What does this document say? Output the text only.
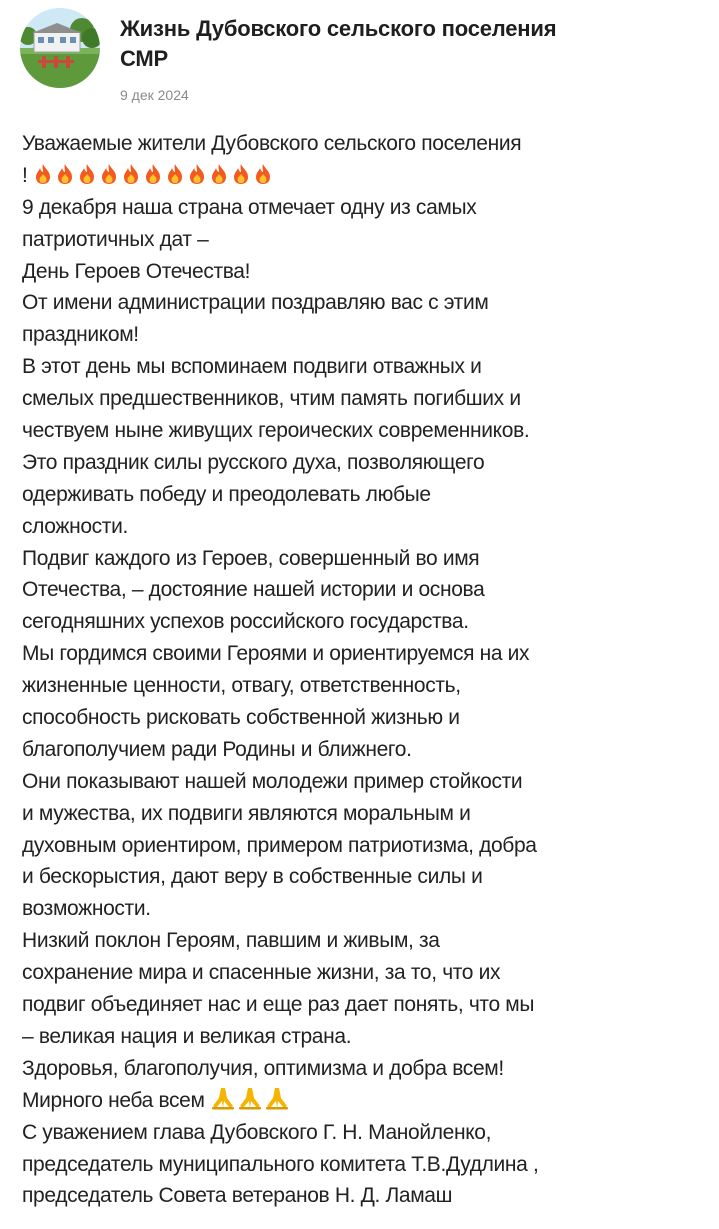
Жизнь Дубовского сельского поселения
СМР
9 дек 2024
Уважаемые жители Дубовского сельского поселения
!
9 декабря наша страна отмечает одну из самых
патриотичных дат –
День Героев Отечества!
От имени администрации поздравляю вас с этим
праздником!
В этот день мы вспоминаем подвиги отважных и
смелых предшественников, чтим память погибших и
чествуем ныне живущих героических современников.
Это праздник силы русского духа, позволяющего
одерживать победу и преодолевать любые
сложности.
Подвиг каждого из Героев, совершенный во имя
Отечества, – достояние нашей истории и основа
сегодняшних успехов российского государства.
Мы гордимся своими Героями и ориентируемся на их
жизненные ценности, отвагу, ответственность,
способность рисковать собственной жизнью и
благополучием ради Родины и ближнего.
Они показывают нашей молодежи пример стойкости
и мужества, их подвиги являются моральным и
духовным ориентиром, примером патриотизма, добра
и бескорыстия, дают веру в собственные силы и
возможности.
Низкий поклон Героям, павшим и живым, за
сохранение мира и спасенные жизни, за то, что их
подвиг объединяет нас и еще раз дает понять, что мы
– великая нация и великая страна.
Здоровья, благополучия, оптимизма и добра всем!
Мирного неба всем
С уважением глава Дубовского Г. Н. Манойленко,
председатель муниципального комитета Т.В.Дудлина ,
председатель Совета ветеранов Н. Д. Ламаш
